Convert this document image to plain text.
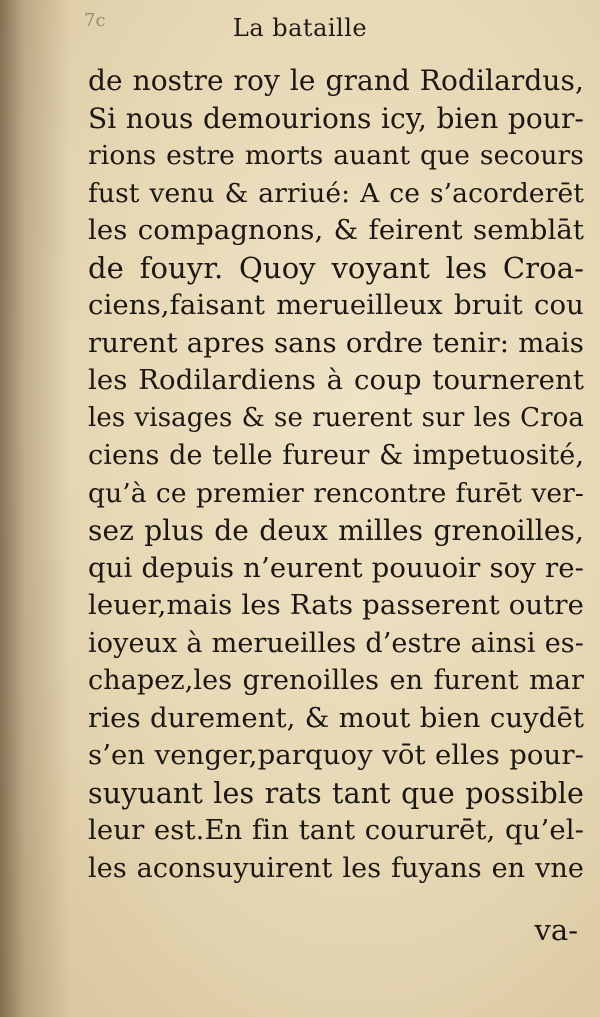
7c	La bataille
de nostre roy le grand Rodilardus,
Si nous demourions icy, bien pour-
rions estre morts auant que secours
fust venu & arriué: A ce s’acorderēt
les compagnons, & feirent semblāt
de fouyr. Quoy voyant les Croa-
ciens,faisant merueilleux bruit cou
rurent apres sans ordre tenir: mais
les Rodilardiens à coup tournerent
les visages & se ruerent sur les Croa
ciens de telle fureur & impetuosité,
qu’à ce premier rencontre furēt ver-
sez plus de deux milles grenoilles,
qui depuis n’eurent pouuoir soy re-
leuer,mais les Rats passerent outre
ioyeux à merueilles d’estre ainsi es-
chapez,les grenoilles en furent mar
ries durement, & mout bien cuydēt
s’en venger,parquoy vōt elles pour-
suyuant les rats tant que possible
leur est.En fin tant coururēt, qu’el-
les aconsuyuirent les fuyans en vne
va-
